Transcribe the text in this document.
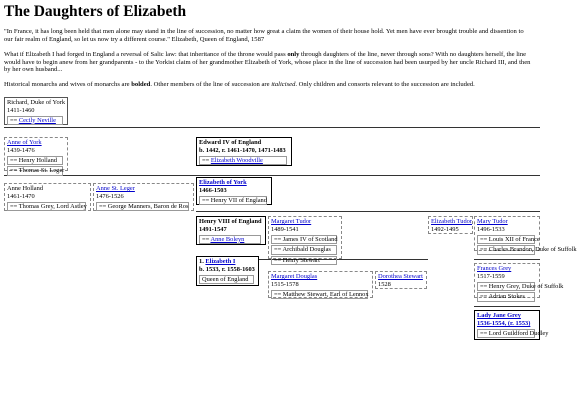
The Daughters of Elizabeth

"In France, it has long been held that men alone may stand in the line of succession, no matter how great a claim the women of their house hold. Yet men have ever brought trouble and dissention to our fair realm of England, so let us now try a different course." Elizabeth, Queen of England, 1587

What if Elizabeth I had forged in England a reversal of Salic law: that inheritance of the throne would pass only through daughters of the line, never through sons? With no daughters herself, the line would have to begin anew from her grandparents - to the Yorkist claim of her grandmother Elizabeth of York, whose place in the line of succession had been usurped by her uncle Richard III, and then by her own husband...

Historical monarchs and wives of monarchs are bolded. Other members of the line of succession are italicised. Only children and consorts relevant to the succession are included.

Richard, Duke of York
1411-1460
== Cecily Neville
Anne of York
1439-1476
== Henry Holland
== Thomas St. Leger
Edward IV of England
b. 1442, r. 1461-1470, 1471-1483
== Elizabeth Woodville
Anne Holland
1461-1470
== Thomas Grey, Lord Astley
Anne St. Leger
1476-1526
== George Manners, Baron de Ros
Elizabeth of York
1466-1503
== Henry VII of England
Henry VIII of England
1491-1547
== Anne Boleyn
Margaret Tudor
1489-1541
== James IV of Scotland
== Archibald Douglas
== Henry Stewart
Elizabeth Tudor
1492-1495
Mary Tudor
1496-1533
== Louis XII of France
== Charles Brandon, Duke of Suffolk
1. Elizabeth I
b. 1533, r. 1558-1603
Queen of England	Margaret Douglas
1515-1578
== Matthew Stewart, Earl of Lennox
Dorothea Stewart
1528
Frances Grey
1517-1559
== Henry Grey, Duke of Suffolk
== Adrian Stokes
Lady Jane Grey
1536-1554, (r. 1553)
== Lord Guildford Dudley
